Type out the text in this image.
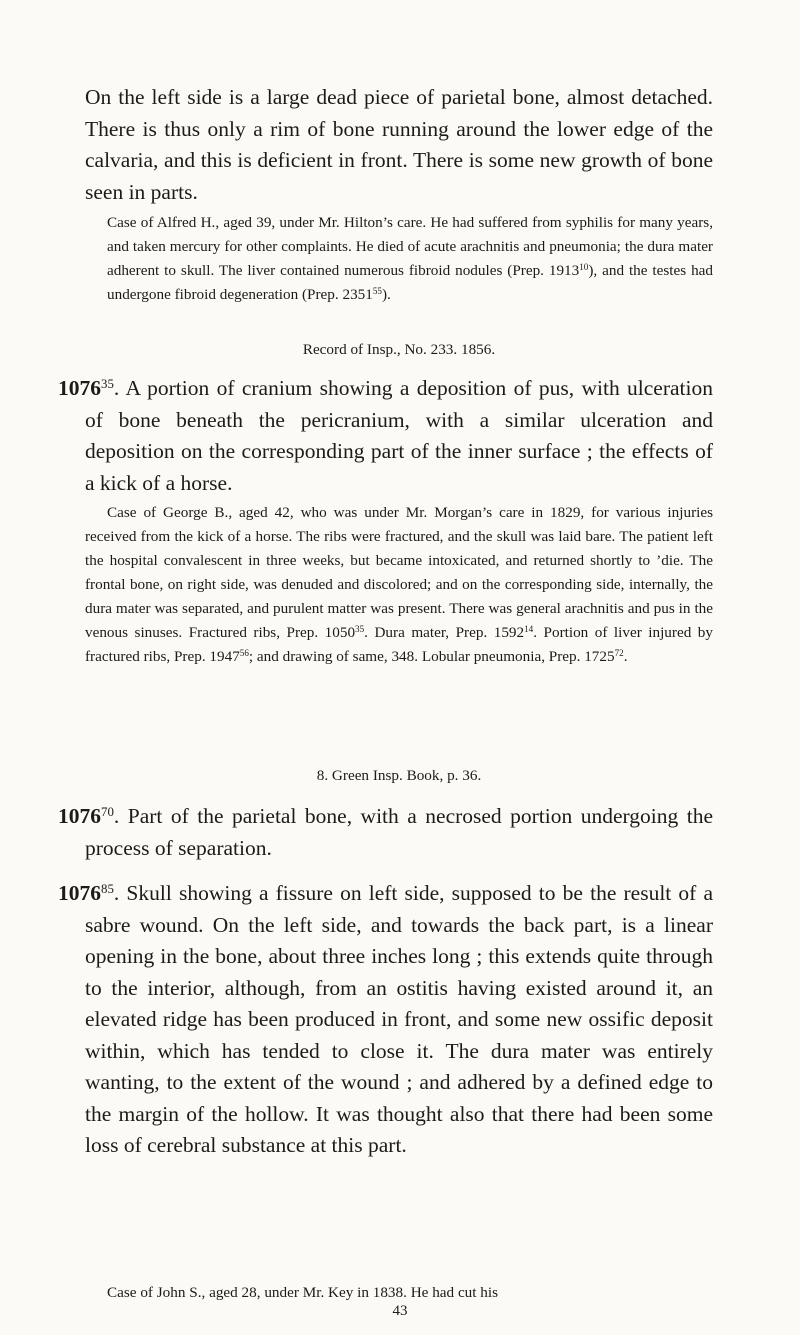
On the left side is a large dead piece of parietal bone, almost detached. There is thus only a rim of bone running around the lower edge of the calvaria, and this is deficient in front. There is some new growth of bone seen in parts.

Case of Alfred H., aged 39, under Mr. Hilton’s care. He had suffered from syphilis for many years, and taken mercury for other complaints. He died of acute arachnitis and pneumonia; the dura mater adherent to skull. The liver contained numerous fibroid nodules (Prep. 1913$^{10}$), and the testes had undergone fibroid degeneration (Prep. 2351$^{55}$).

Record of Insp., No. 233. 1856.

1076$^{35}$. A portion of cranium showing a deposition of pus, with ulceration of bone beneath the pericranium, with a similar ulceration and deposition on the corresponding part of the inner surface ; the effects of a kick of a horse.

Case of George B., aged 42, who was under Mr. Morgan’s care in 1829, for various injuries received from the kick of a horse. The ribs were fractured, and the skull was laid bare. The patient left the hospital convalescent in three weeks, but became intoxicated, and returned shortly to ’die. The frontal bone, on right side, was denuded and discolored; and on the corresponding side, internally, the dura mater was separated, and purulent matter was present. There was general arachnitis and pus in the venous sinuses. Fractured ribs, Prep. 1050$^{35}$. Dura mater, Prep. 1592$^{14}$. Portion of liver injured by fractured ribs, Prep. 1947$^{56}$; and drawing of same, 348. Lobular pneumonia, Prep. 1725$^{72}$.

8. Green Insp. Book, p. 36.

1076$^{70}$. Part of the parietal bone, with a necrosed portion undergoing the process of separation.

1076$^{85}$. Skull showing a fissure on left side, supposed to be the result of a sabre wound. On the left side, and towards the back part, is a linear opening in the bone, about three inches long ; this extends quite through to the interior, although, from an ostitis having existed around it, an elevated ridge has been produced in front, and some new ossific deposit within, which has tended to close it. The dura mater was entirely wanting, to the extent of the wound ; and adhered by a defined edge to the margin of the hollow. It was thought also that there had been some loss of cerebral substance at this part.

Case of John S., aged 28, under Mr. Key in 1838. He had cut his

43
